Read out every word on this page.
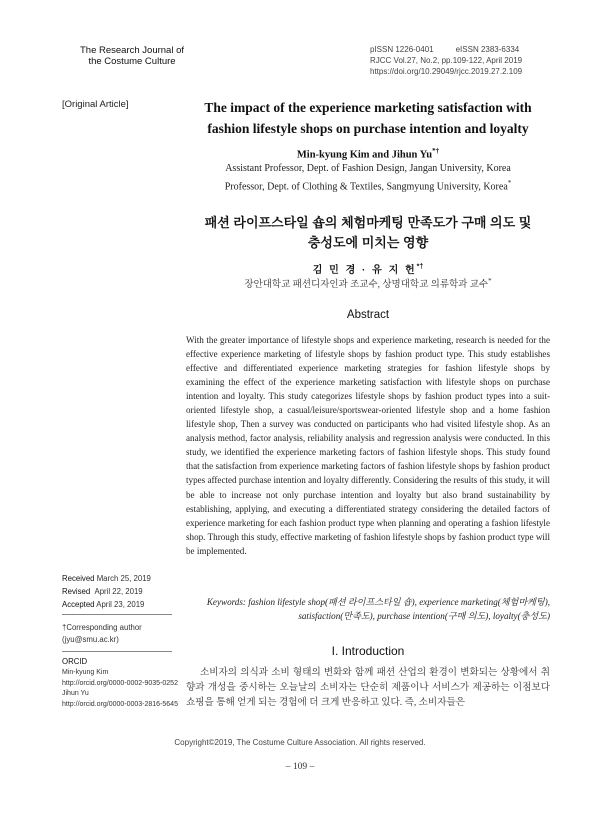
The Research Journal of
the Costume Culture
pISSN 1226-0401	eISSN 2383-6334
RJCC Vol.27, No.2, pp.109-122, April 2019
https://doi.org/10.29049/rjcc.2019.27.2.109
[Original Article]	The impact of the experience marketing satisfaction with fashion lifestyle shops on purchase intention and loyalty
Min-kyung Kim and Jihun Yu*†
Assistant Professor, Dept. of Fashion Design, Jangan University, Korea
Professor, Dept. of Clothing & Textiles, Sangmyung University, Korea*
패션 라이프스타일 숍의 체험마케팅 만족도가 구매 의도 및
충성도에 미치는 영향
김 민 경 · 유 지 헌*†
장안대학교 패션디자인과 조교수, 상명대학교 의류학과 교수*
Abstract
With the greater importance of lifestyle shops and experience marketing, research is needed for the effective experience marketing of lifestyle shops by fashion product type. This study establishes effective and differentiated experience marketing strategies for fashion lifestyle shops by examining the effect of the experience marketing satisfaction with lifestyle shops on purchase intention and loyalty. This study categorizes lifestyle shops by fashion product types into a suit-oriented lifestyle shop, a casual/leisure/sportswear-oriented lifestyle shop and a home fashion lifestyle shop, Then a survey was conducted on participants who had visited lifestyle shop. As an analysis method, factor analysis, reliability analysis and regression analysis were conducted. In this study, we identified the experience marketing factors of fashion lifestyle shops. This study found that the satisfaction from experience marketing factors of fashion lifestyle shops by fashion product types affected purchase intention and loyalty differently. Considering the results of this study, it will be able to increase not only purchase intention and loyalty but also brand sustainability by establishing, applying, and executing a differentiated strategy considering the detailed factors of experience marketing for each fashion product type when planning and operating a fashion lifestyle shop. Through this study, effective marketing of fashion lifestyle shops by fashion product type will be implemented.
Keywords: fashion lifestyle shop(패션 라이프스타일 숍), experience marketing(체험마케팅), satisfaction(만족도), purchase intention(구매 의도), loyalty(충성도)
I. Introduction
소비자의 의식과 소비 형태의 변화와 함께 패션 산업의 환경이 변화되는 상황에서 취향과 개성을 중시하는 오늘날의 소비자는 단순히 제품이나 서비스가 제공하는 이점보다 쇼핑을 통해 얻게 되는 경험에 더 크게 반응하고 있다. 즉, 소비자들은
Received March 25, 2019
Revised April 22, 2019
Accepted April 23, 2019
†Corresponding author
(jyu@smu.ac.kr)
ORCID
Min-kyung Kim
http://orcid.org/0000-0002-9035-0252
Jihun Yu
http://orcid.org/0000-0003-2816-5645
Copyright©2019, The Costume Culture Association. All rights reserved.
– 109 –
